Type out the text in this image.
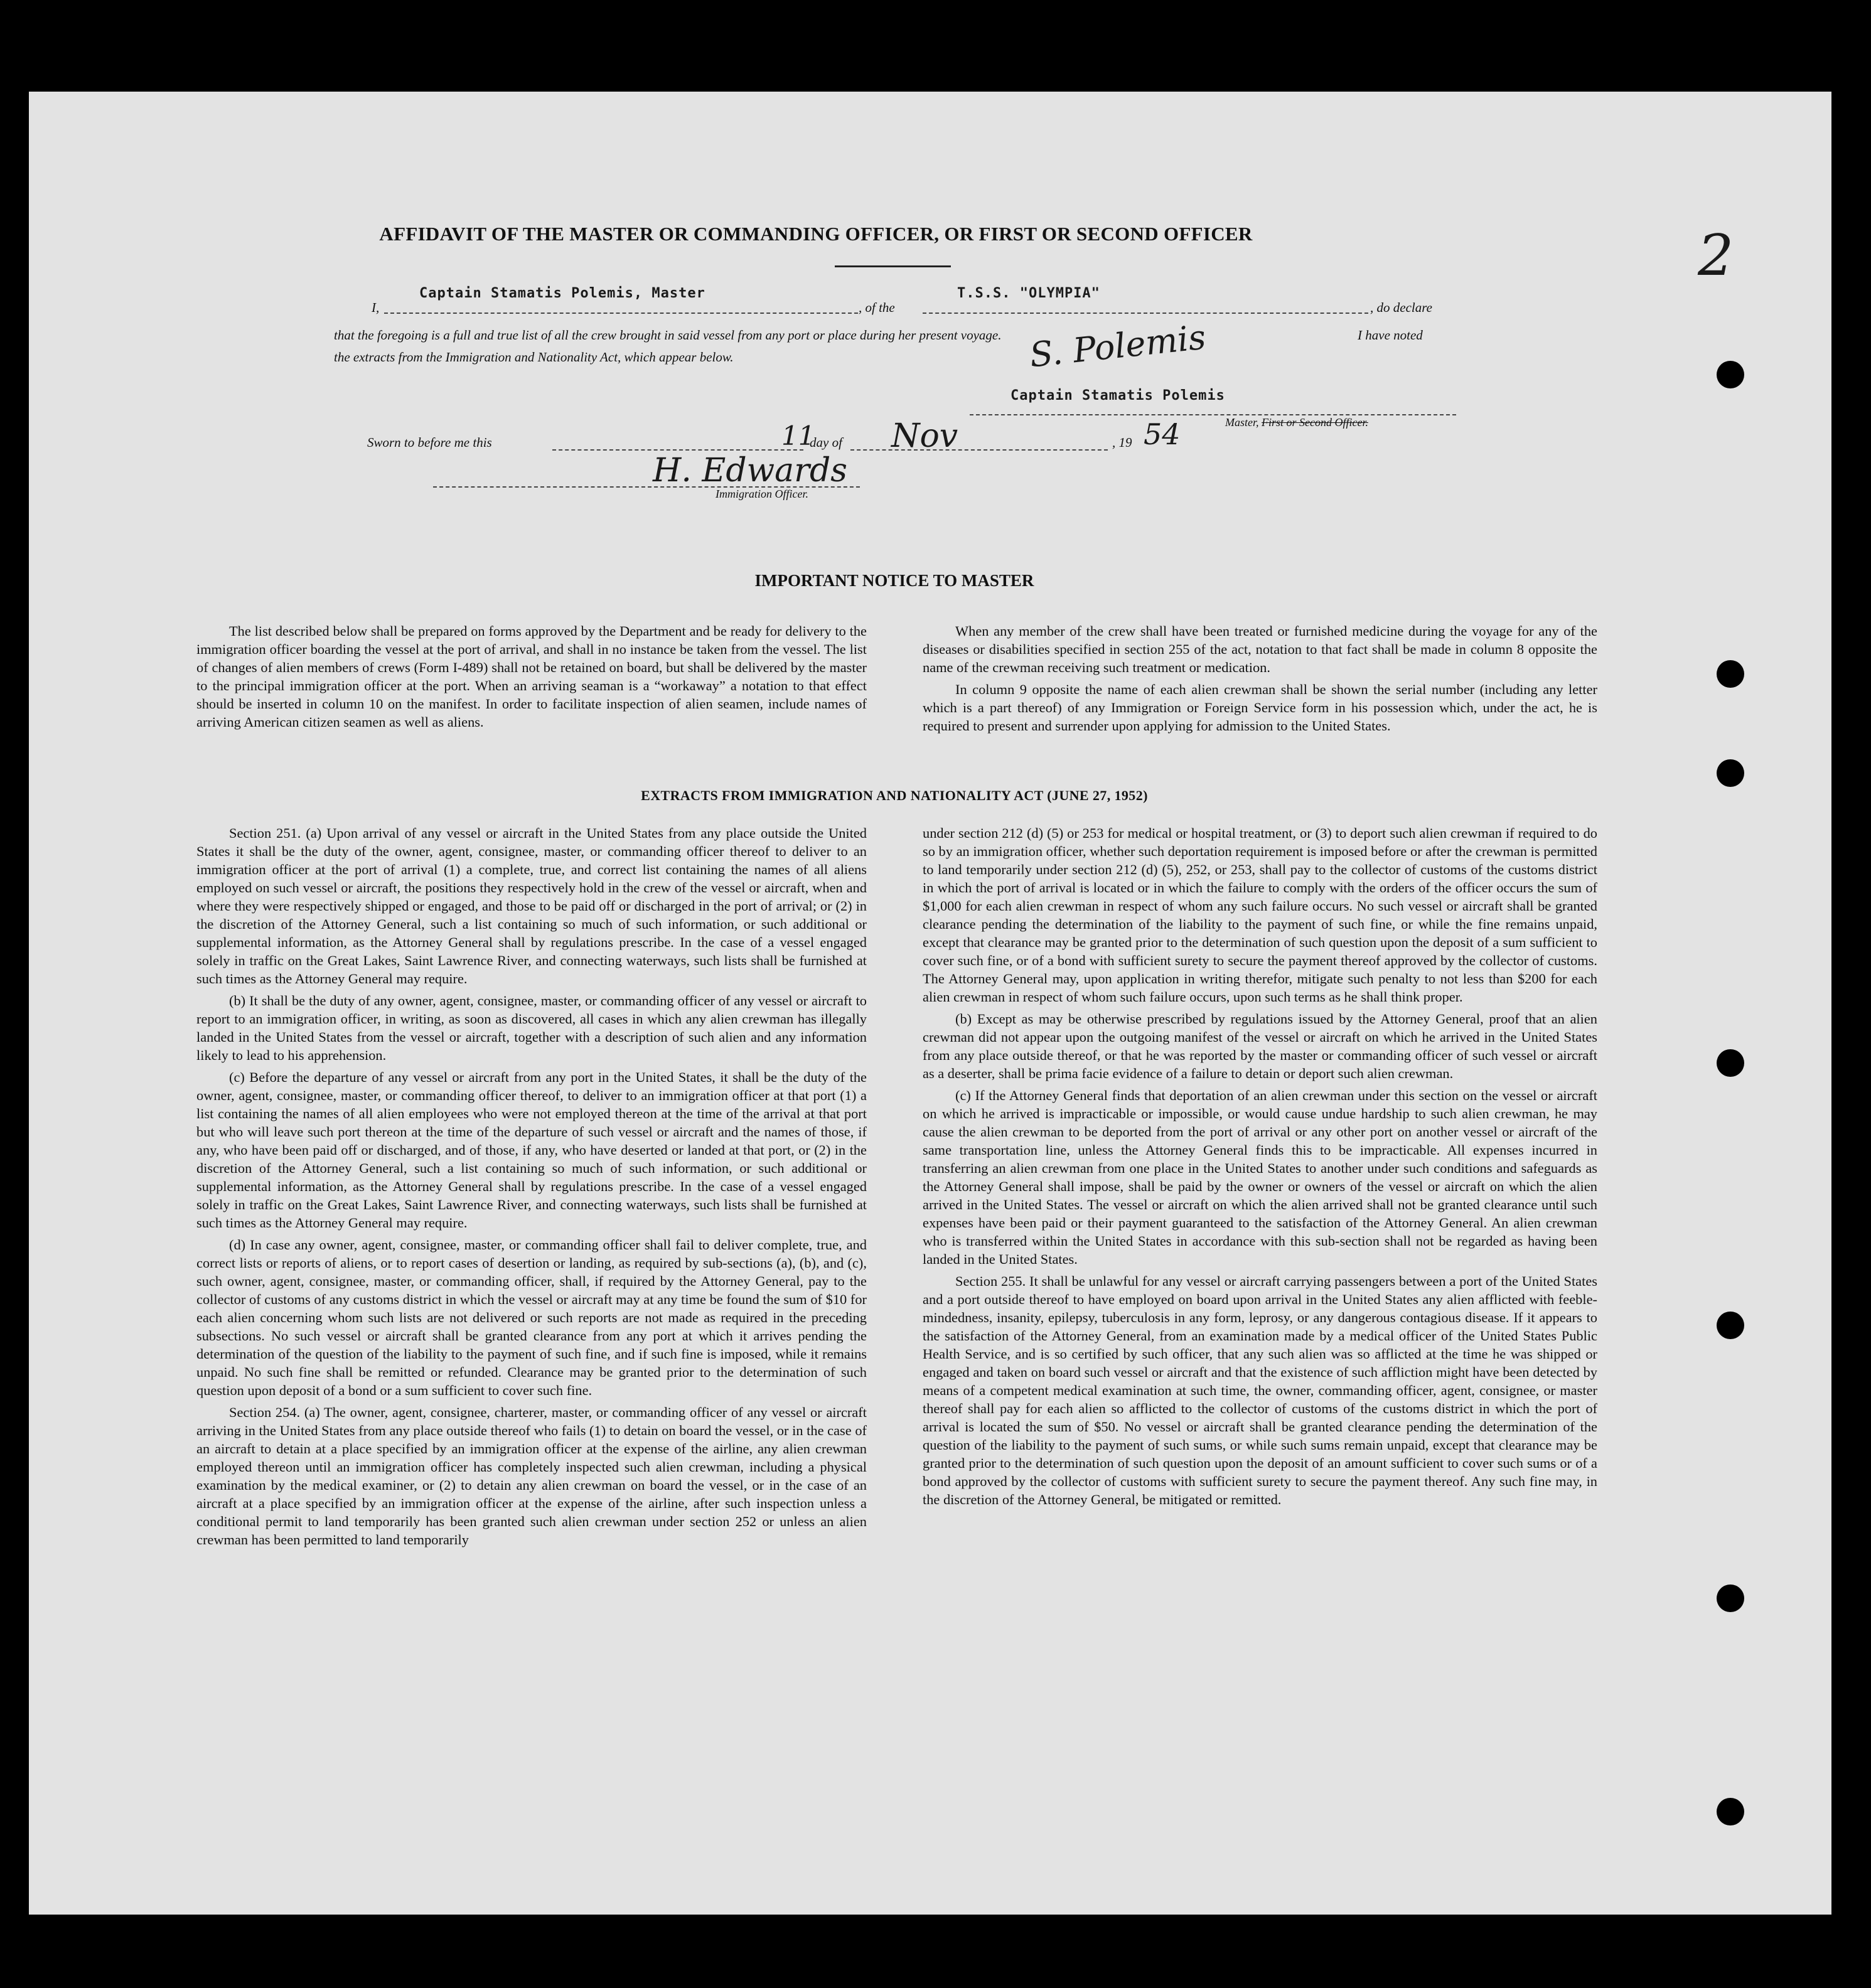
2
AFFIDAVIT OF THE MASTER OR COMMANDING OFFICER, OR FIRST OR SECOND OFFICER
I,
Captain Stamatis Polemis, Master
, of the
T.S.S. "OLYMPIA"
, do declare
that the foregoing is a full and true list of all the crew brought in said vessel from any port or place during her present voyage.	I have noted
the extracts from the Immigration and Nationality Act, which appear below.	S. Polemis
Captain Stamatis Polemis
Master, First or Second Officer.
Sworn to before me this	11
day of Nov	, 19 54
H. Edwards
Immigration Officer.
IMPORTANT NOTICE TO MASTER

The list described below shall be prepared on forms approved by the Department and be ready for delivery to the immigration officer boarding the vessel at the port of arrival, and shall in no instance be taken from the vessel. The list of changes of alien members of crews (Form I-489) shall not be retained on board, but shall be delivered by the master to the principal immigration officer at the port. When an arriving seaman is a “workaway” a notation to that effect should be inserted in column 10 on the manifest. In order to facilitate inspection of alien seamen, include names of arriving American citizen seamen as well as aliens.

When any member of the crew shall have been treated or furnished medicine during the voyage for any of the diseases or disabilities specified in section 255 of the act, notation to that fact shall be made in column 8 opposite the name of the crewman receiving such treatment or medication.

In column 9 opposite the name of each alien crewman shall be shown the serial number (including any letter which is a part thereof) of any Immigration or Foreign Service form in his possession which, under the act, he is required to present and surrender upon applying for admission to the United States.

EXTRACTS FROM IMMIGRATION AND NATIONALITY ACT (JUNE 27, 1952)

Section 251. (a) Upon arrival of any vessel or aircraft in the United States from any place outside the United States it shall be the duty of the owner, agent, consignee, master, or commanding officer thereof to deliver to an immigration officer at the port of arrival (1) a complete, true, and correct list containing the names of all aliens employed on such vessel or aircraft, the positions they respectively hold in the crew of the vessel or aircraft, when and where they were respectively shipped or engaged, and those to be paid off or discharged in the port of arrival; or (2) in the discretion of the Attorney General, such a list containing so much of such information, or such additional or supplemental information, as the Attorney General shall by regulations prescribe. In the case of a vessel engaged solely in traffic on the Great Lakes, Saint Lawrence River, and connecting waterways, such lists shall be furnished at such times as the Attorney General may require.

(b) It shall be the duty of any owner, agent, consignee, master, or commanding officer of any vessel or aircraft to report to an immigration officer, in writing, as soon as discovered, all cases in which any alien crewman has illegally landed in the United States from the vessel or aircraft, together with a description of such alien and any information likely to lead to his apprehension.

(c) Before the departure of any vessel or aircraft from any port in the United States, it shall be the duty of the owner, agent, consignee, master, or commanding officer thereof, to deliver to an immigration officer at that port (1) a list containing the names of all alien employees who were not employed thereon at the time of the arrival at that port but who will leave such port thereon at the time of the departure of such vessel or aircraft and the names of those, if any, who have been paid off or discharged, and of those, if any, who have deserted or landed at that port, or (2) in the discretion of the Attorney General, such a list containing so much of such information, or such additional or supplemental information, as the Attorney General shall by regulations prescribe. In the case of a vessel engaged solely in traffic on the Great Lakes, Saint Lawrence River, and connecting waterways, such lists shall be furnished at such times as the Attorney General may require.

(d) In case any owner, agent, consignee, master, or commanding officer shall fail to deliver complete, true, and correct lists or reports of aliens, or to report cases of desertion or landing, as required by sub-sections (a), (b), and (c), such owner, agent, consignee, master, or commanding officer, shall, if required by the Attorney General, pay to the collector of customs of any customs district in which the vessel or aircraft may at any time be found the sum of $10 for each alien concerning whom such lists are not delivered or such reports are not made as required in the preceding subsections. No such vessel or aircraft shall be granted clearance from any port at which it arrives pending the determination of the question of the liability to the payment of such fine, and if such fine is imposed, while it remains unpaid. No such fine shall be remitted or refunded. Clearance may be granted prior to the determination of such question upon deposit of a bond or a sum sufficient to cover such fine.

Section 254. (a) The owner, agent, consignee, charterer, master, or commanding officer of any vessel or aircraft arriving in the United States from any place outside thereof who fails (1) to detain on board the vessel, or in the case of an aircraft to detain at a place specified by an immigration officer at the expense of the airline, any alien crewman employed thereon until an immigration officer has completely inspected such alien crewman, including a physical examination by the medical examiner, or (2) to detain any alien crewman on board the vessel, or in the case of an aircraft at a place specified by an immigration officer at the expense of the airline, after such inspection unless a conditional permit to land temporarily has been granted such alien crewman under section 252 or unless an alien crewman has been permitted to land temporarily

under section 212 (d) (5) or 253 for medical or hospital treatment, or (3) to deport such alien crewman if required to do so by an immigration officer, whether such deportation requirement is imposed before or after the crewman is permitted to land temporarily under section 212 (d) (5), 252, or 253, shall pay to the collector of customs of the customs district in which the port of arrival is located or in which the failure to comply with the orders of the officer occurs the sum of $1,000 for each alien crewman in respect of whom any such failure occurs. No such vessel or aircraft shall be granted clearance pending the determination of the liability to the payment of such fine, or while the fine remains unpaid, except that clearance may be granted prior to the determination of such question upon the deposit of a sum sufficient to cover such fine, or of a bond with sufficient surety to secure the payment thereof approved by the collector of customs. The Attorney General may, upon application in writing therefor, mitigate such penalty to not less than $200 for each alien crewman in respect of whom such failure occurs, upon such terms as he shall think proper.

(b) Except as may be otherwise prescribed by regulations issued by the Attorney General, proof that an alien crewman did not appear upon the outgoing manifest of the vessel or aircraft on which he arrived in the United States from any place outside thereof, or that he was reported by the master or commanding officer of such vessel or aircraft as a deserter, shall be prima facie evidence of a failure to detain or deport such alien crewman.

(c) If the Attorney General finds that deportation of an alien crewman under this section on the vessel or aircraft on which he arrived is impracticable or impossible, or would cause undue hardship to such alien crewman, he may cause the alien crewman to be deported from the port of arrival or any other port on another vessel or aircraft of the same transportation line, unless the Attorney General finds this to be impracticable. All expenses incurred in transferring an alien crewman from one place in the United States to another under such conditions and safeguards as the Attorney General shall impose, shall be paid by the owner or owners of the vessel or aircraft on which the alien arrived in the United States. The vessel or aircraft on which the alien arrived shall not be granted clearance until such expenses have been paid or their payment guaranteed to the satisfaction of the Attorney General. An alien crewman who is transferred within the United States in accordance with this sub-section shall not be regarded as having been landed in the United States.

Section 255. It shall be unlawful for any vessel or aircraft carrying passengers between a port of the United States and a port outside thereof to have employed on board upon arrival in the United States any alien afflicted with feeble-mindedness, insanity, epilepsy, tuberculosis in any form, leprosy, or any dangerous contagious disease. If it appears to the satisfaction of the Attorney General, from an examination made by a medical officer of the United States Public Health Service, and is so certified by such officer, that any such alien was so afflicted at the time he was shipped or engaged and taken on board such vessel or aircraft and that the existence of such affliction might have been detected by means of a competent medical examination at such time, the owner, commanding officer, agent, consignee, or master thereof shall pay for each alien so afflicted to the collector of customs of the customs district in which the port of arrival is located the sum of $50. No vessel or aircraft shall be granted clearance pending the determination of the question of the liability to the payment of such sums, or while such sums remain unpaid, except that clearance may be granted prior to the determination of such question upon the deposit of an amount sufficient to cover such sums or of a bond approved by the collector of customs with sufficient surety to secure the payment thereof. Any such fine may, in the discretion of the Attorney General, be mitigated or remitted.
